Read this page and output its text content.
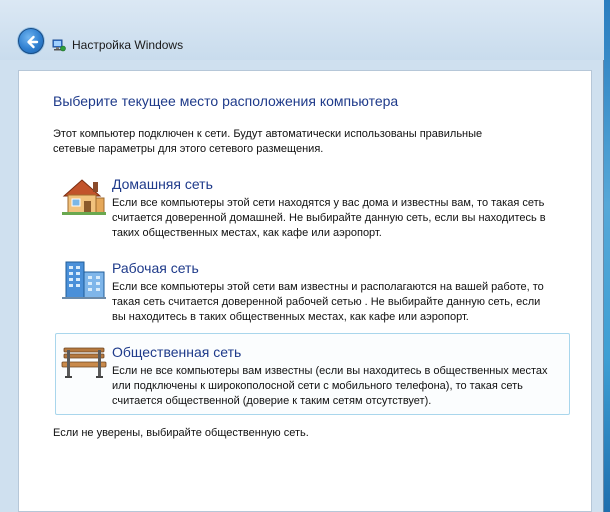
Настройка Windows
Выберите текущее место расположения компьютера
Этот компьютер подключен к сети. Будут автоматически использованы правильные
сетевые параметры для этого сетевого размещения.
Домашняя сеть
Если все компьютеры этой сети находятся у вас дома и известны вам, то такая сеть
считается доверенной домашней. Не выбирайте данную сеть, если вы находитесь в
таких общественных местах, как кафе или аэропорт.
Рабочая сеть
Если все компьютеры этой сети вам известны и располагаются на вашей работе, то
такая сеть считается доверенной рабочей сетью . Не выбирайте данную сеть, если
вы находитесь в таких общественных местах, как кафе или аэропорт.
Общественная сеть
Если не все компьютеры вам известны (если вы находитесь в общественных местах
или подключены к широкополосной сети с мобильного телефона), то такая сеть
считается общественной (доверие к таким сетям отсутствует).
Если не уверены, выбирайте общественную сеть.
